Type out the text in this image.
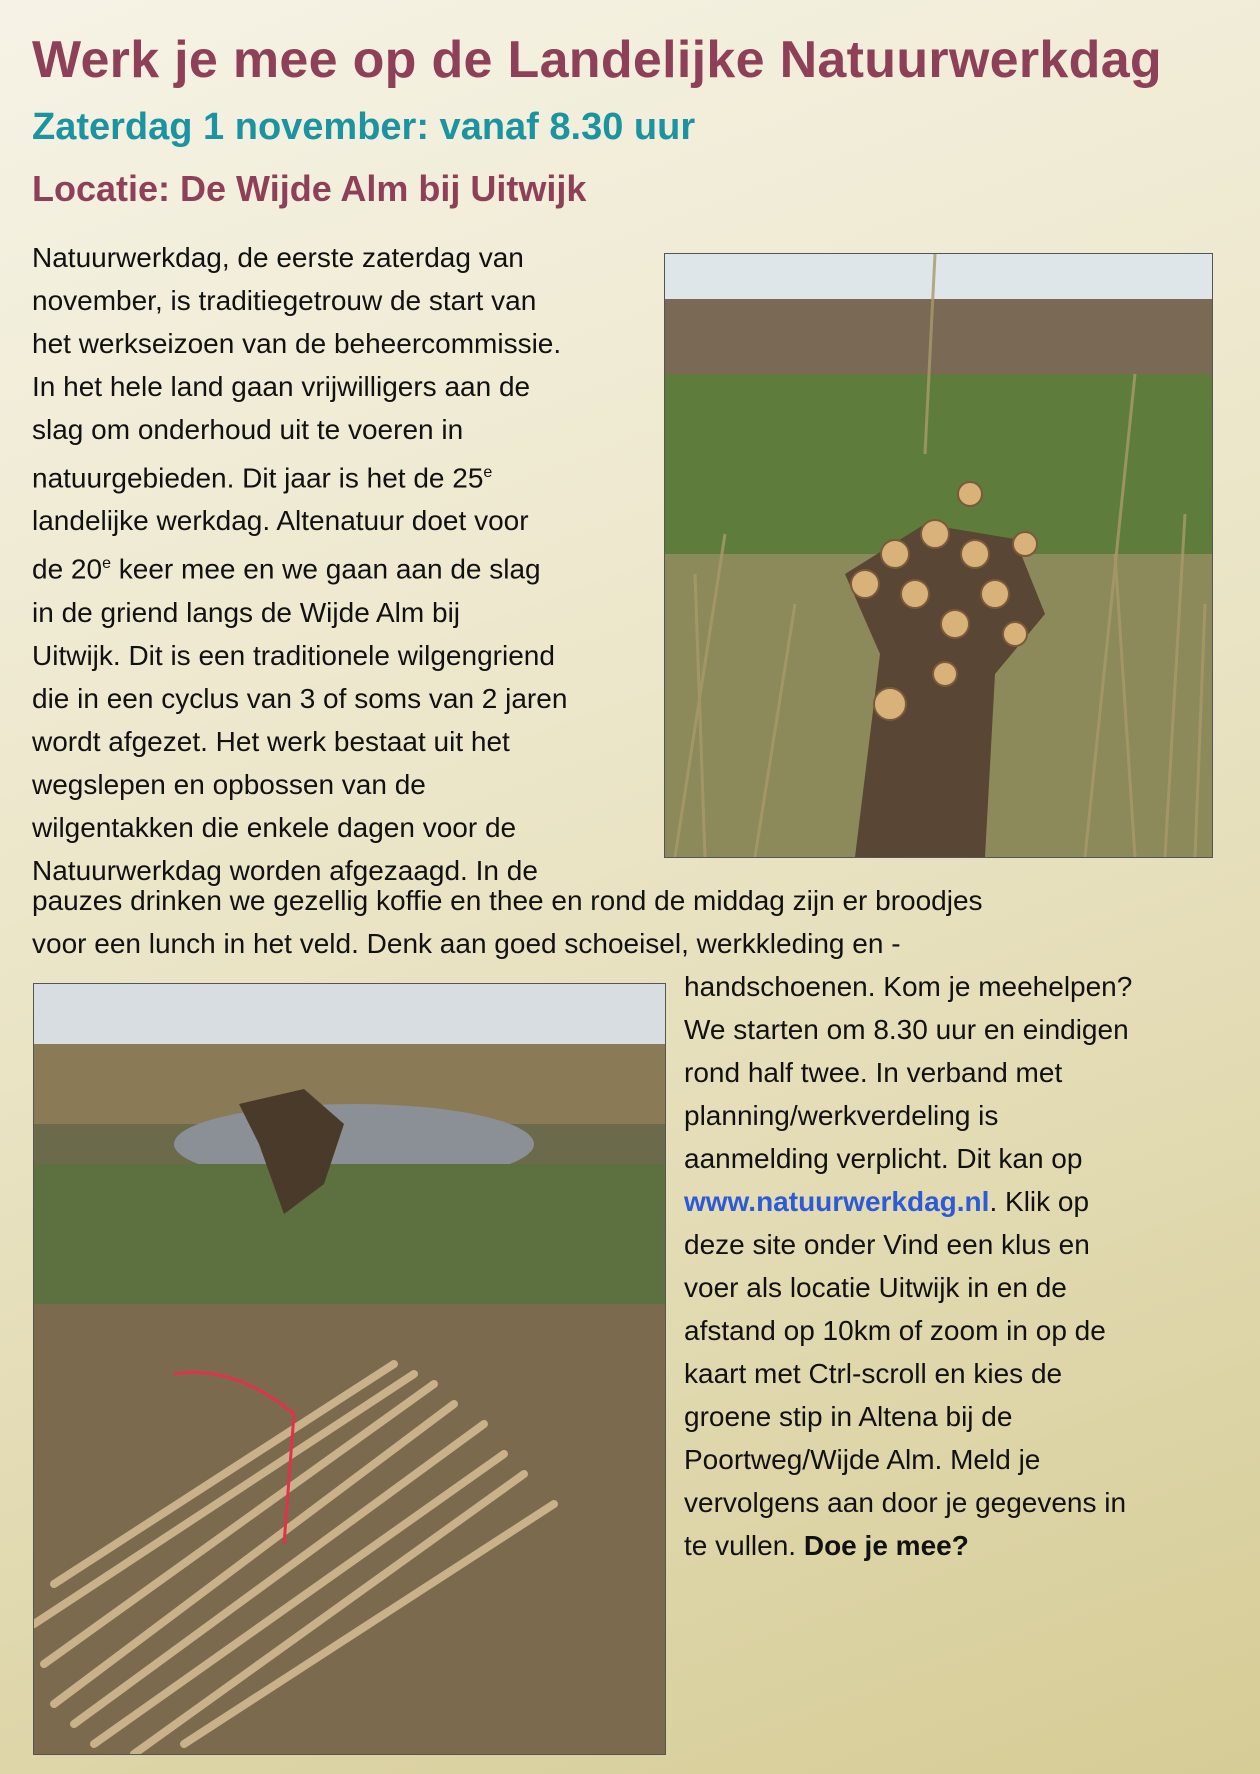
Werk je mee op de Landelijke Natuurwerkdag
Zaterdag 1 november: vanaf 8.30 uur
Locatie: De Wijde Alm bij Uitwijk

Natuurwerkdag, de eerste zaterdag van

november, is traditiegetrouw de start van

het werkseizoen van de beheercommissie.

In het hele land gaan vrijwilligers aan de

slag om onderhoud uit te voeren in

natuurgebieden. Dit jaar is het de 25e

landelijke werkdag. Altenatuur doet voor

de 20e keer mee en we gaan aan de slag

in de griend langs de Wijde Alm bij

Uitwijk. Dit is een traditionele wilgengriend

die in een cyclus van 3 of soms van 2 jaren

wordt afgezet. Het werk bestaat uit het

wegslepen en opbossen van de

wilgentakken die enkele dagen voor de

Natuurwerkdag worden afgezaagd. In de

pauzes drinken we gezellig koffie en thee en rond de middag zijn er broodjes

voor een lunch in het veld. Denk aan goed schoeisel, werkkleding en -

handschoenen. Kom je meehelpen?

We starten om 8.30 uur en eindigen

rond half twee. In verband met

planning/werkverdeling is

aanmelding verplicht. Dit kan op

www.natuurwerkdag.nl. Klik op

deze site onder Vind een klus en

voer als locatie Uitwijk in en de

afstand op 10km of zoom in op de

kaart met Ctrl-scroll en kies de

groene stip in Altena bij de

Poortweg/Wijde Alm. Meld je

vervolgens aan door je gegevens in

te vullen. Doe je mee?
